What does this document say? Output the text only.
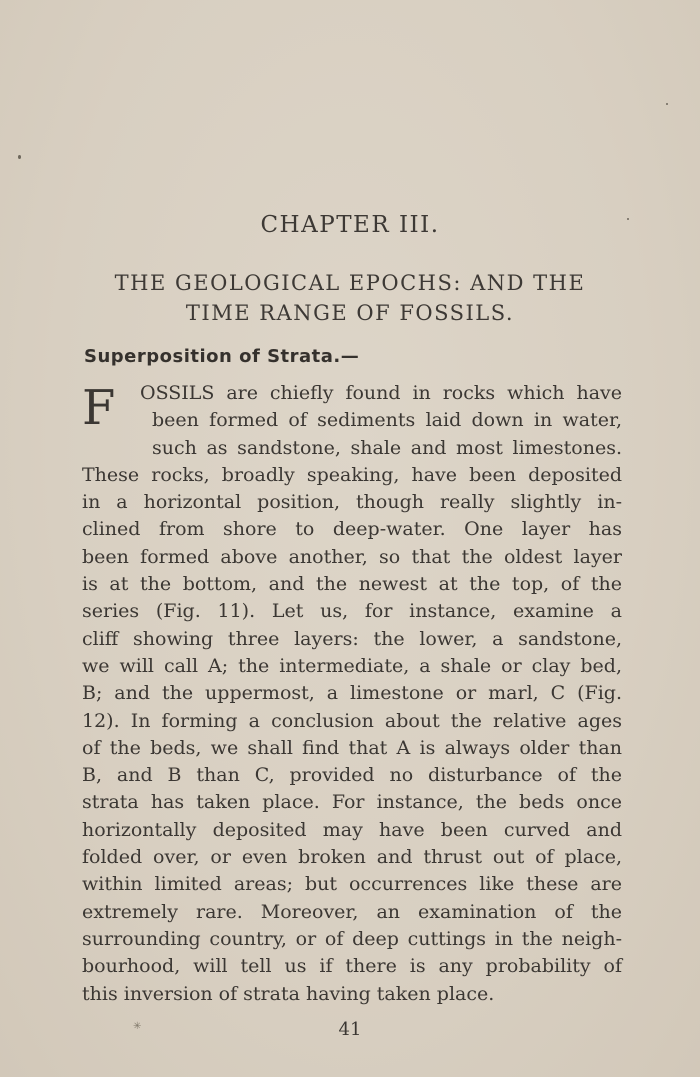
CHAPTER III.
THE GEOLOGICAL EPOCHS: AND THE
TIME RANGE OF FOSSILS.
Superposition of Strata.—
F	OSSILS are chiefly found in rocks which have
been formed of sediments laid down in water,
such as sandstone, shale and most limestones.
These rocks, broadly speaking, have been deposited
in a horizontal position, though really slightly in-
clined from shore to deep-water. One layer has
been formed above another, so that the oldest layer
is at the bottom, and the newest at the top, of the
series (Fig. 11). Let us, for instance, examine a
cliff showing three layers: the lower, a sandstone,
we will call A; the intermediate, a shale or clay bed,
B; and the uppermost, a limestone or marl, C (Fig.
12). In forming a conclusion about the relative ages
of the beds, we shall find that A is always older than
B, and B than C, provided no disturbance of the
strata has taken place. For instance, the beds once
horizontally deposited may have been curved and
folded over, or even broken and thrust out of place,
within limited areas; but occurrences like these are
extremely rare. Moreover, an examination of the
surrounding country, or of deep cuttings in the neigh-
bourhood, will tell us if there is any probability of
this inversion of strata having taken place.
✳	41
